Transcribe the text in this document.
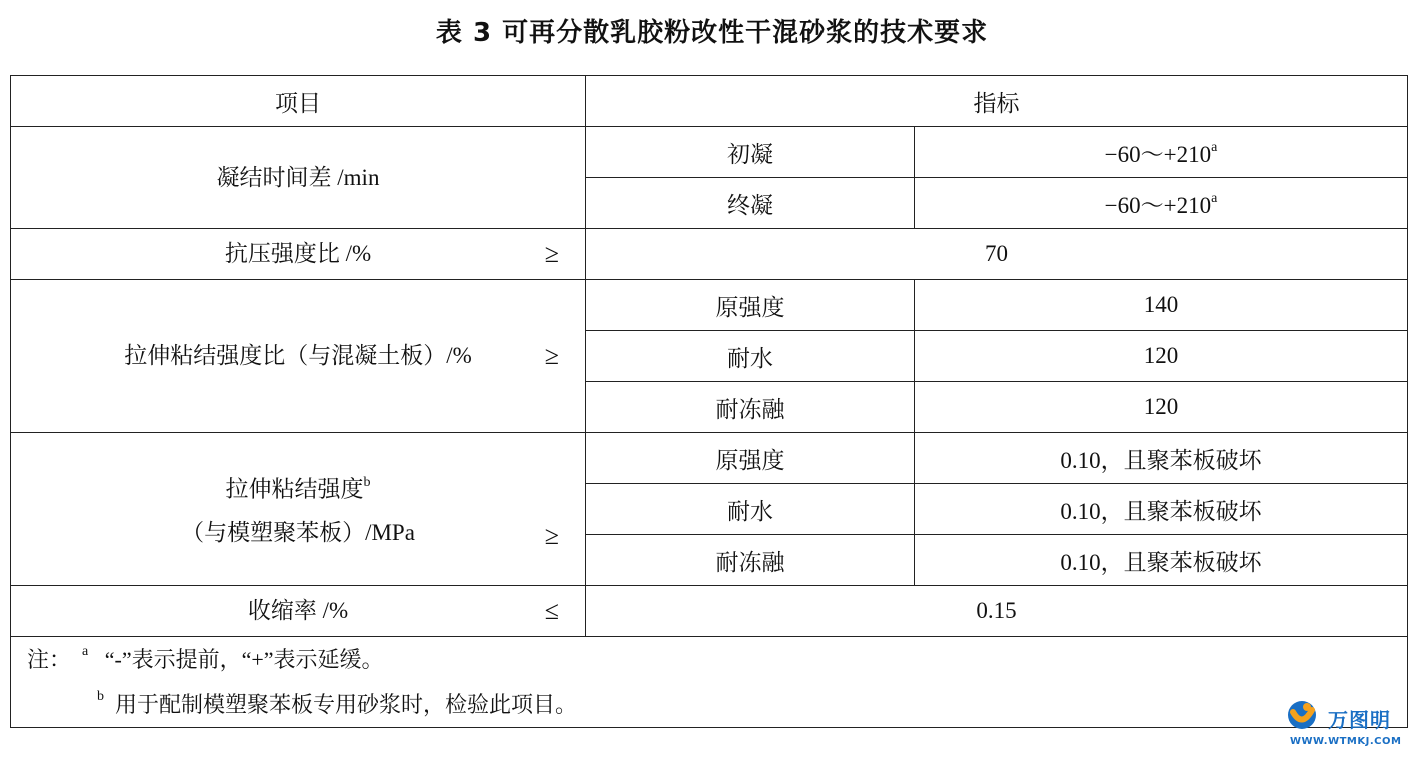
表 3 可再分散乳胶粉改性干混砂浆的技术要求
项目	指标	
凝结时间差 /min	初凝	$-60\sim+210^a$
	终凝	$-60\sim+210^a$
抗压强度比 /% ≥	70	
拉伸粘结强度比（与混凝土板）/% ≥	原强度	140
	耐水	120
	耐冻融	120
拉伸粘结强度$^b$
（与模塑聚苯板）/MPa ≥	原强度	0.10，且聚苯板破坏
	耐水	0.10，且聚苯板破坏
	耐冻融	0.10，且聚苯板破坏
收缩率 /% ≤	0.15	

注： $^a$ “-”表示提前，“+”表示延缓。
$^b$ 用于配制模塑聚苯板专用砂浆时，检验此项目。		
万图明
WWW.WTMKJ.COM
